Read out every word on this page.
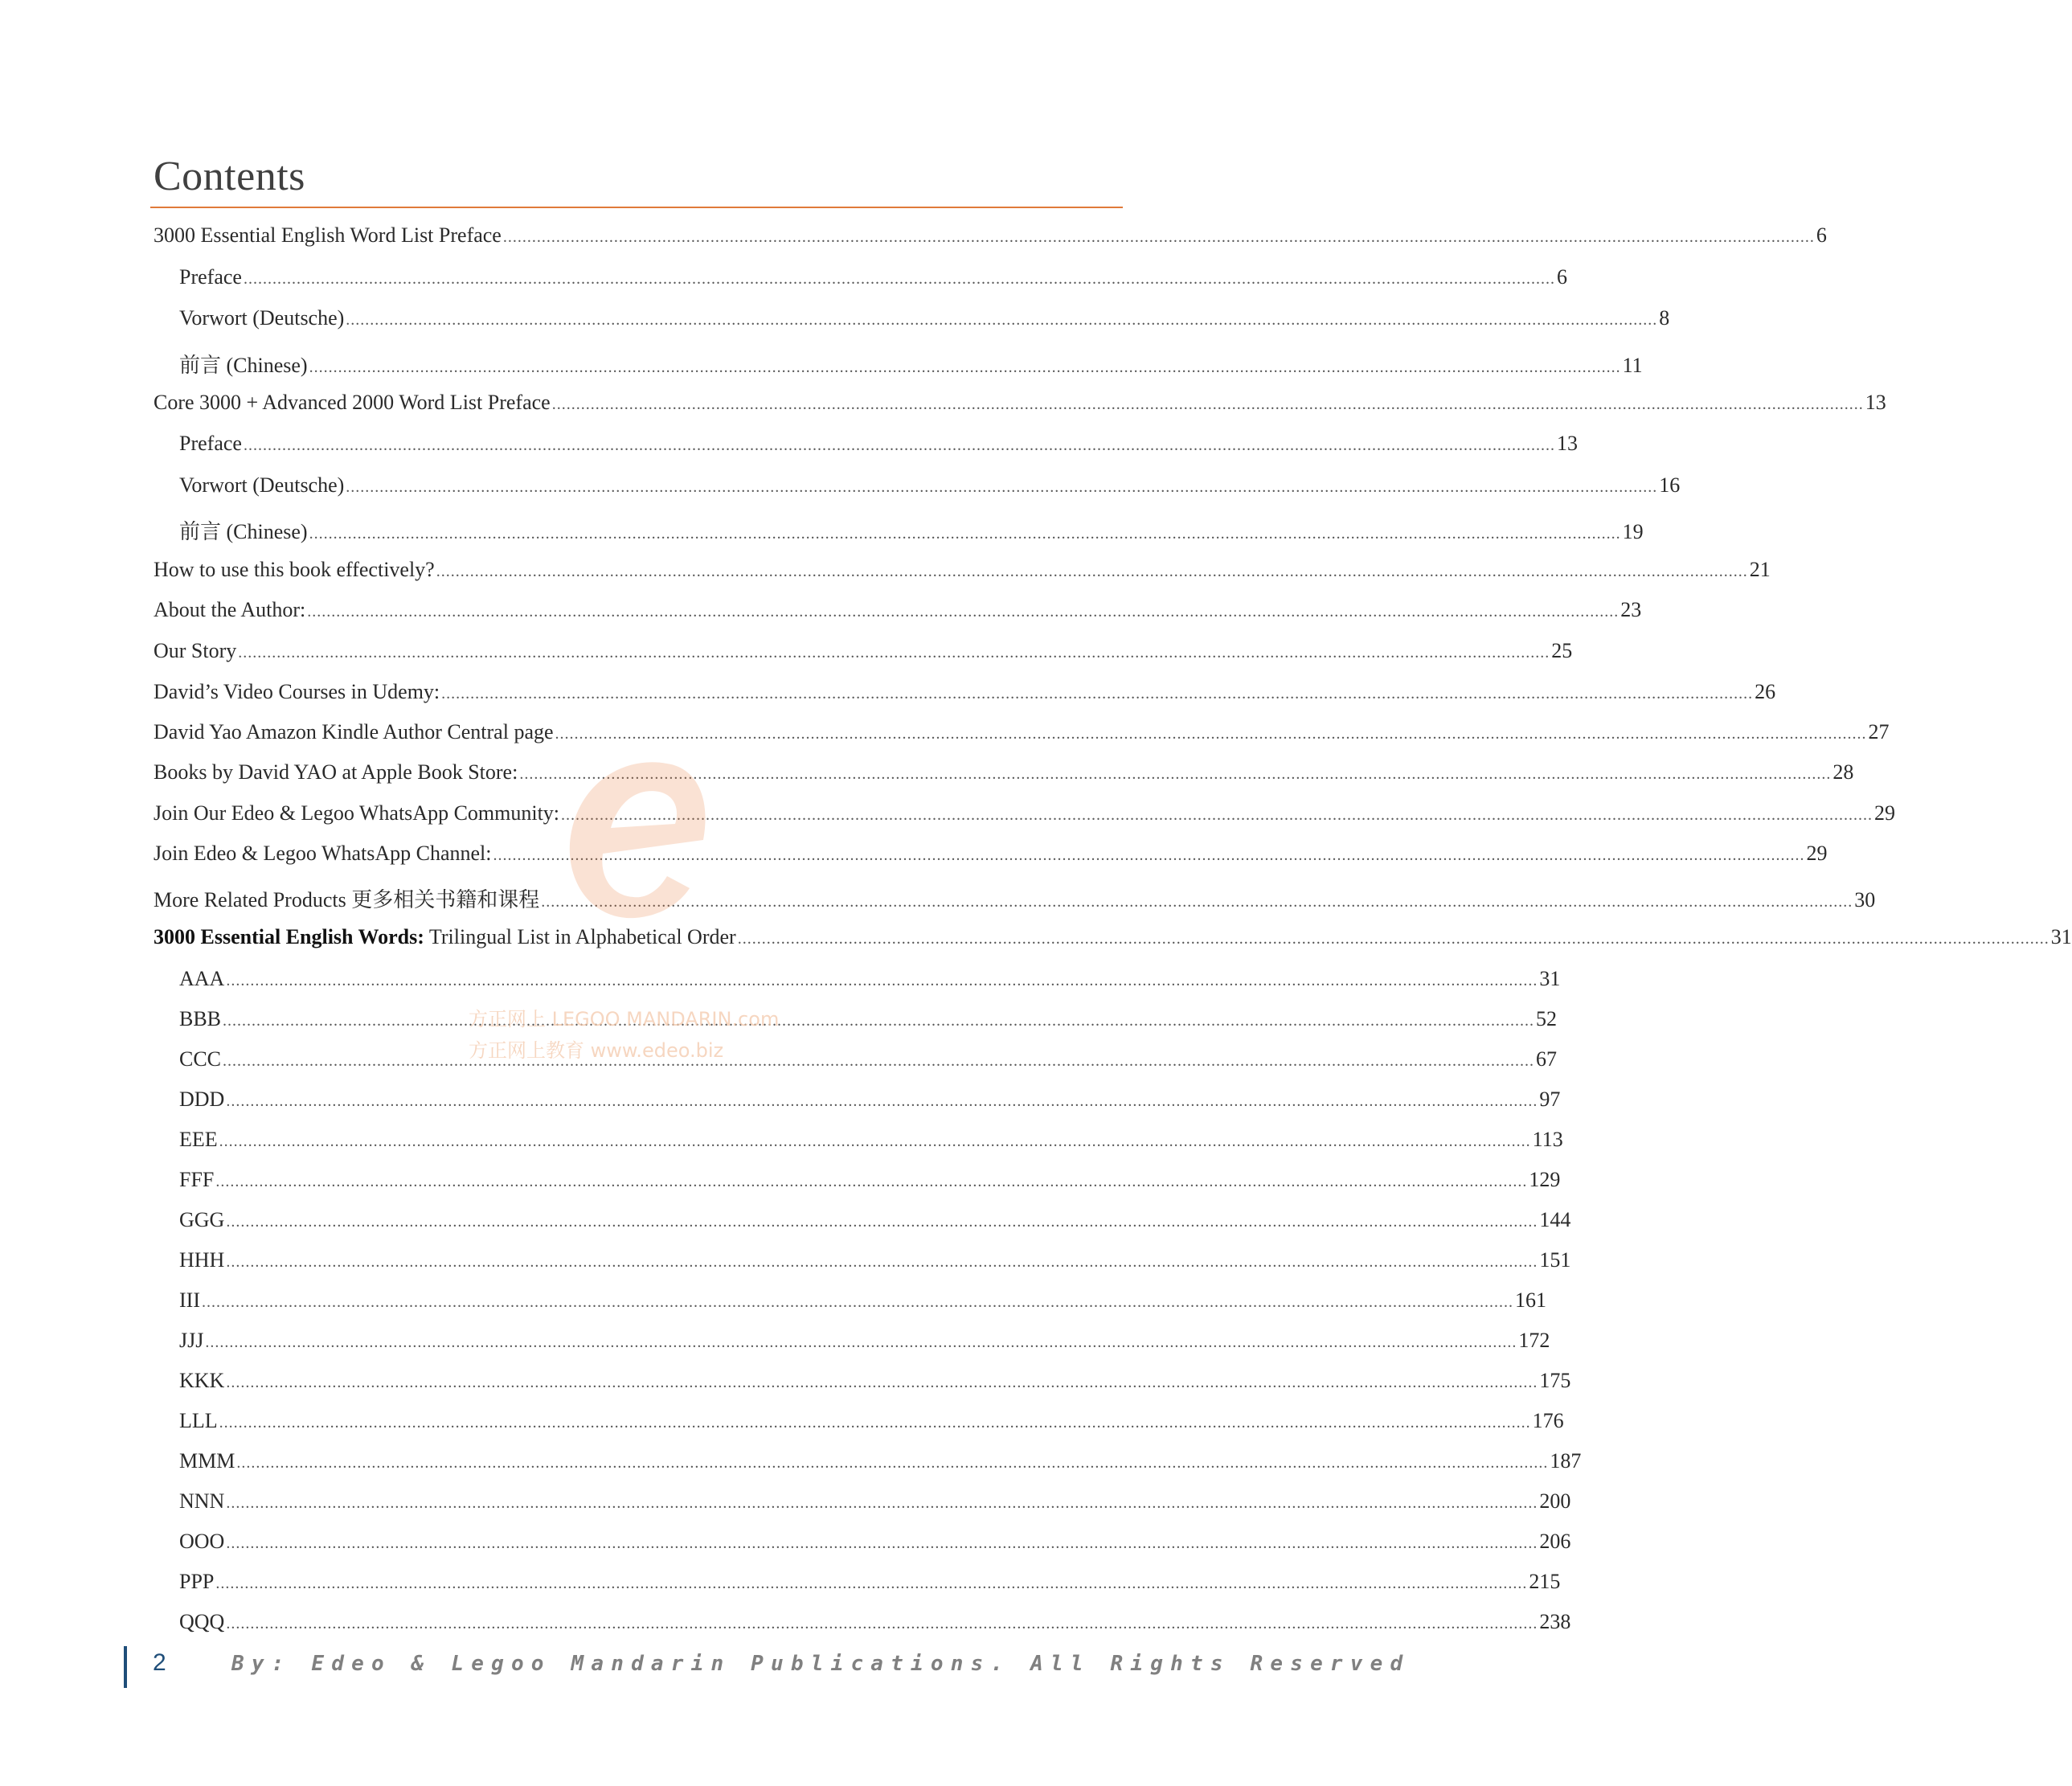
Contents
3000 Essential English Word List Preface .....	6
Preface .....	6
Vorwort (Deutsche) .....	8
前言 (Chinese) .....	11
Core 3000 + Advanced 2000 Word List Preface .....	13
Preface .....	13
Vorwort (Deutsche) .....	16
前言 (Chinese) .....	19
How to use this book effectively? .....	21
About the Author: .....	23
Our Story .....	25
David’s Video Courses in Udemy: .....	26
David Yao Amazon Kindle Author Central page .....	27
Books by David YAO at Apple Book Store: .....	28
Join Our Edeo & Legoo WhatsApp Community: .....	29
Join Edeo & Legoo WhatsApp Channel: .....	29
More Related Products 更多相关书籍和课程 .....	30
3000 Essential English Words: Trilingual List in Alphabetical Order .....	31
AAA .....	31
BBB .....	52
CCC .....	67
DDD .....	97
EEE .....	113
FFF .....	129
GGG .....	144
HHH .....	151
III .....	161
JJJ .....	172
KKK .....	175
LLL .....	176
MMM .....	187
NNN .....	200
OOO .....	206
PPP .....	215
QQQ .....	238
方正网上 LEGOO MANDARIN.com
方正网上教育 www.edeo.biz
2	By: Edeo & Legoo Mandarin Publications. All Rights Reserved
